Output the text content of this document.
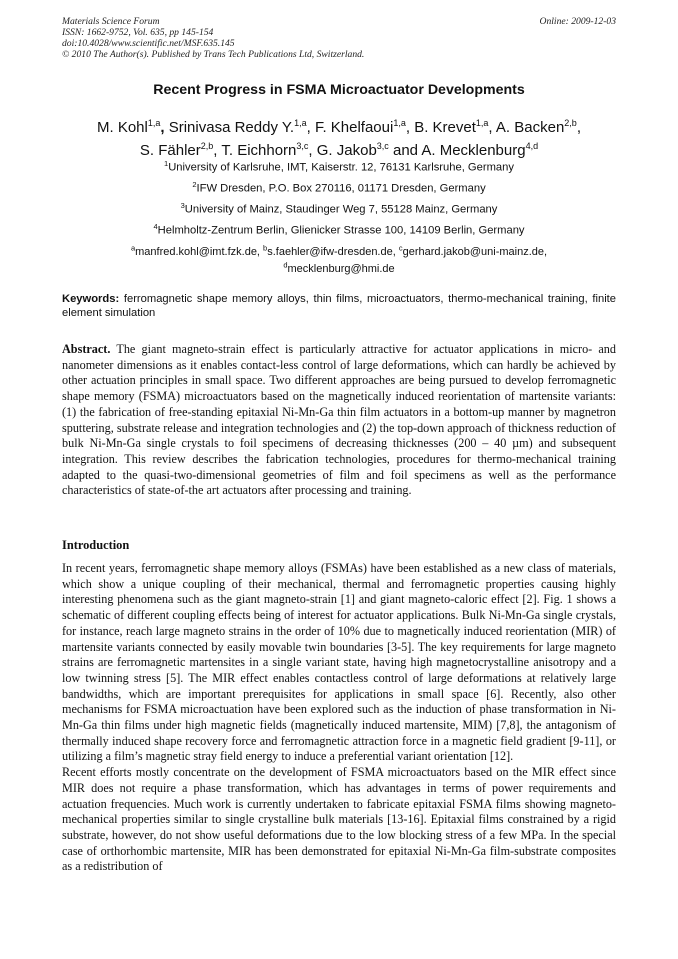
Materials Science Forum
ISSN: 1662-9752, Vol. 635, pp 145-154
doi:10.4028/www.scientific.net/MSF.635.145
© 2010 The Author(s). Published by Trans Tech Publications Ltd, Switzerland.
Online: 2009-12-03
Recent Progress in FSMA Microactuator Developments
M. Kohl$^{1,a}$, Srinivasa Reddy Y.$^{1,a}$, F. Khelfaoui$^{1,a}$, B. Krevet$^{1,a}$, A. Backen$^{2,b}$,
S. Fähler$^{2,b}$, T. Eichhorn$^{3,c}$, G. Jakob$^{3,c}$ and A. Mecklenburg$^{4,d}$
$^1$University of Karlsruhe, IMT, Kaiserstr. 12, 76131 Karlsruhe, Germany
$^2$IFW Dresden, P.O. Box 270116, 01171 Dresden, Germany
$^3$University of Mainz, Staudinger Weg 7, 55128 Mainz, Germany
$^4$Helmholtz-Zentrum Berlin, Glienicker Strasse 100, 14109 Berlin, Germany
$^a$manfred.kohl@imt.fzk.de, $^b$s.faehler@ifw-dresden.de, $^c$gerhard.jakob@uni-mainz.de,
$^d$mecklenburg@hmi.de
Keywords: ferromagnetic shape memory alloys, thin films, microactuators, thermo-mechanical training, finite element simulation
Abstract. The giant magneto-strain effect is particularly attractive for actuator applications in micro- and nanometer dimensions as it enables contact-less control of large deformations, which can hardly be achieved by other actuation principles in small space. Two different approaches are being pursued to develop ferromagnetic shape memory (FSMA) microactuators based on the magnetically induced reorientation of martensite variants: (1) the fabrication of free-standing epitaxial Ni-Mn-Ga thin film actuators in a bottom-up manner by magnetron sputtering, substrate release and integration technologies and (2) the top-down approach of thickness reduction of bulk Ni-Mn-Ga single crystals to foil specimens of decreasing thicknesses (200 – 40 µm) and subsequent integration. This review describes the fabrication technologies, procedures for thermo-mechanical training adapted to the quasi-two-dimensional geometries of film and foil specimens as well as the performance characteristics of state-of-the art actuators after processing and training.
Introduction

In recent years, ferromagnetic shape memory alloys (FSMAs) have been established as a new class of materials, which show a unique coupling of their mechanical, thermal and ferromagnetic properties causing highly interesting phenomena such as the giant magneto-strain [1] and giant magneto-caloric effect [2]. Fig. 1 shows a schematic of different coupling effects being of interest for actuator applications. Bulk Ni-Mn-Ga single crystals, for instance, reach large magneto strains in the order of 10% due to magnetically induced reorientation (MIR) of martensite variants connected by easily movable twin boundaries [3-5]. The key requirements for large magneto strains are ferromagnetic martensites in a single variant state, having high magnetocrystalline anisotropy and a low twinning stress [5]. The MIR effect enables contactless control of large deformations at relatively large bandwidths, which are important prerequisites for applications in small space [6]. Recently, also other mechanisms for FSMA microactuation have been explored such as the induction of phase transformation in Ni-Mn-Ga thin films under high magnetic fields (magnetically induced martensite, MIM) [7,8], the antagonism of thermally induced shape recovery force and ferromagnetic attraction force in a magnetic field gradient [9-11], or utilizing a film’s magnetic stray field energy to induce a preferential variant orientation [12].

Recent efforts mostly concentrate on the development of FSMA microactuators based on the MIR effect since MIR does not require a phase transformation, which has advantages in terms of power requirements and actuation frequencies. Much work is currently undertaken to fabricate epitaxial FSMA films showing magneto-mechanical properties similar to single crystalline bulk materials [13-16]. Epitaxial films constrained by a rigid substrate, however, do not show useful deformations due to the low blocking stress of a few MPa. In the special case of orthorhombic martensite, MIR has been demonstrated for epitaxial Ni-Mn-Ga film-substrate composites as a redistribution of
